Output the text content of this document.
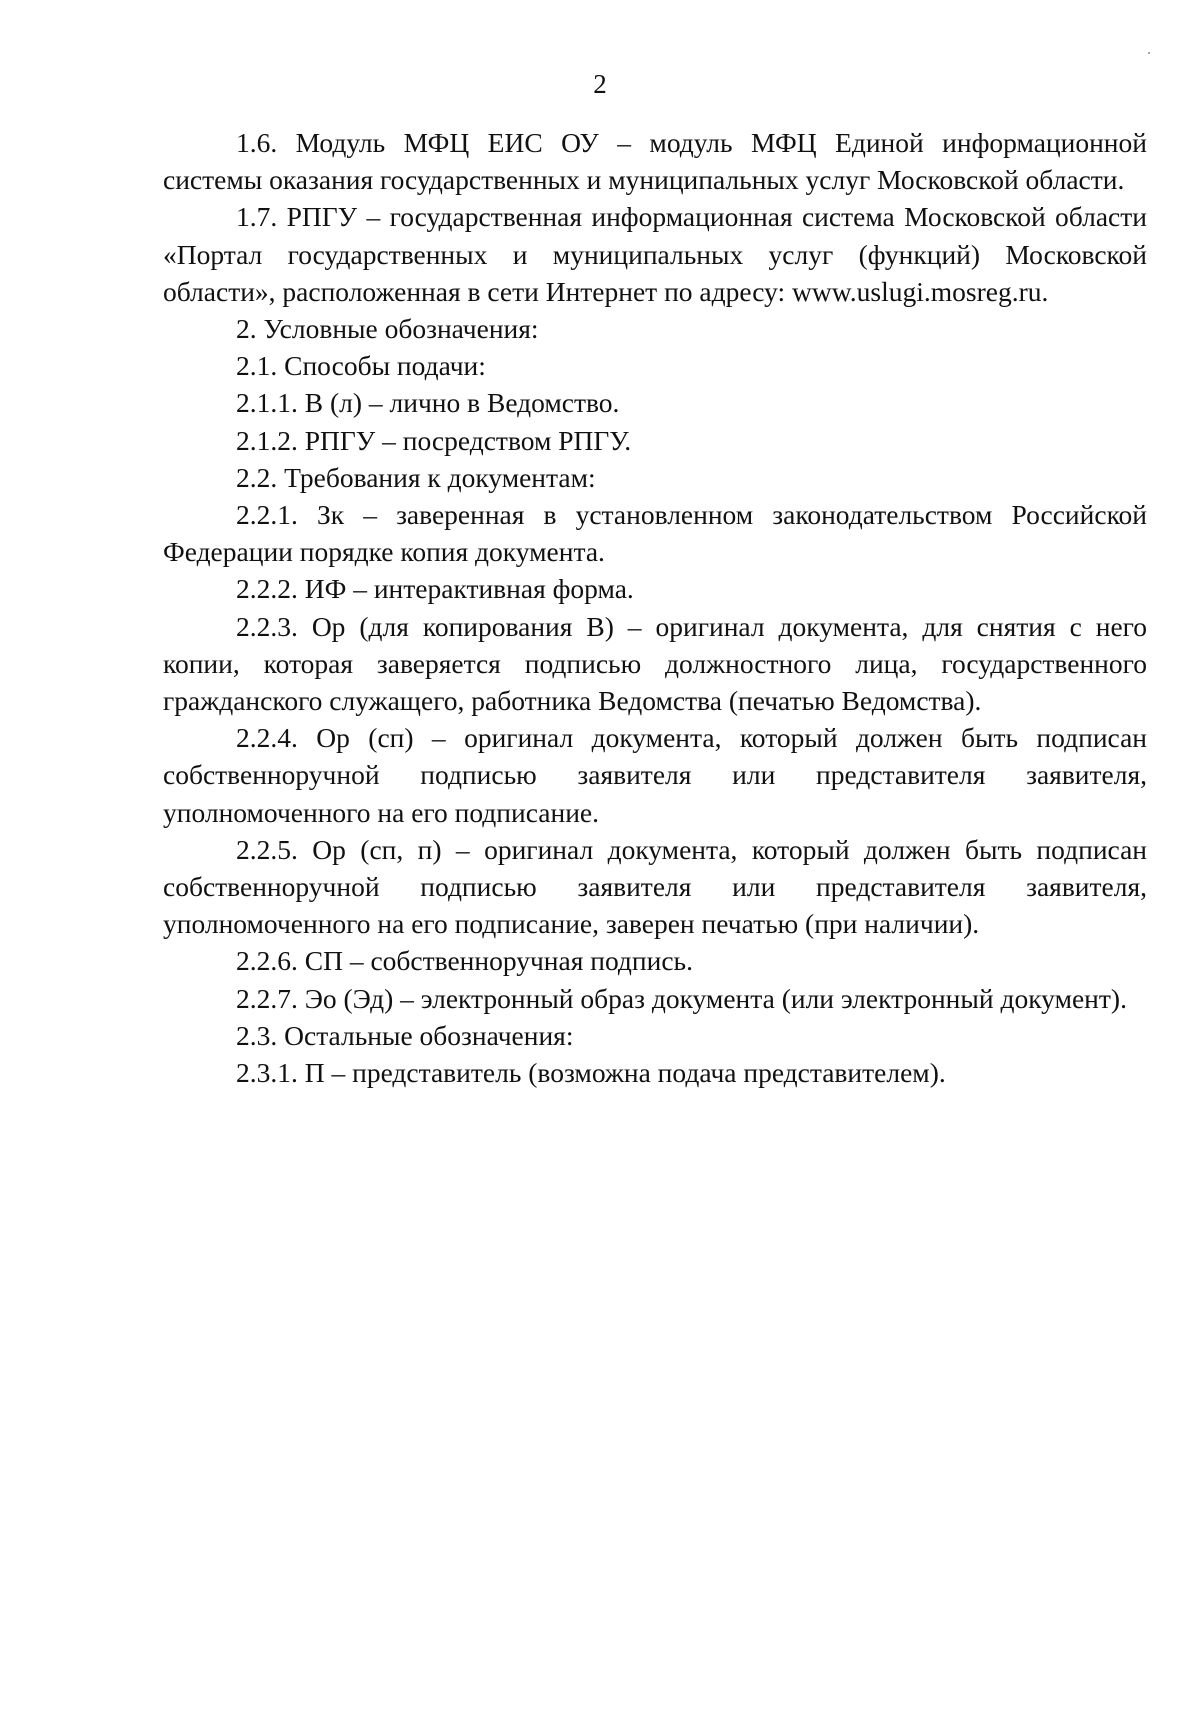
2

1.6. Модуль МФЦ ЕИС ОУ – модуль МФЦ Единой информационной системы оказания государственных и муниципальных услуг Московской области.

1.7. РПГУ – государственная информационная система Московской области «Портал государственных и муниципальных услуг (функций) Московской области», расположенная в сети Интернет по адресу: www.uslugi.mosreg.ru.

2. Условные обозначения:

2.1. Способы подачи:

2.1.1. В (л) – лично в Ведомство.

2.1.2. РПГУ – посредством РПГУ.

2.2. Требования к документам:

2.2.1. Зк – заверенная в установленном законодательством Российской Федерации порядке копия документа.

2.2.2. ИФ – интерактивная форма.

2.2.3. Ор (для копирования В) – оригинал документа, для снятия с него копии, которая заверяется подписью должностного лица, государственного гражданского служащего, работника Ведомства (печатью Ведомства).

2.2.4. Ор (сп) – оригинал документа, который должен быть подписан собственноручной подписью заявителя или представителя заявителя, уполномоченного на его подписание.

2.2.5. Ор (сп, п) – оригинал документа, который должен быть подписан собственноручной подписью заявителя или представителя заявителя, уполномоченного на его подписание, заверен печатью (при наличии).

2.2.6. СП – собственноручная подпись.

2.2.7. Эо (Эд) – электронный образ документа (или электронный документ).

2.3. Остальные обозначения:

2.3.1. П – представитель (возможна подача представителем).
